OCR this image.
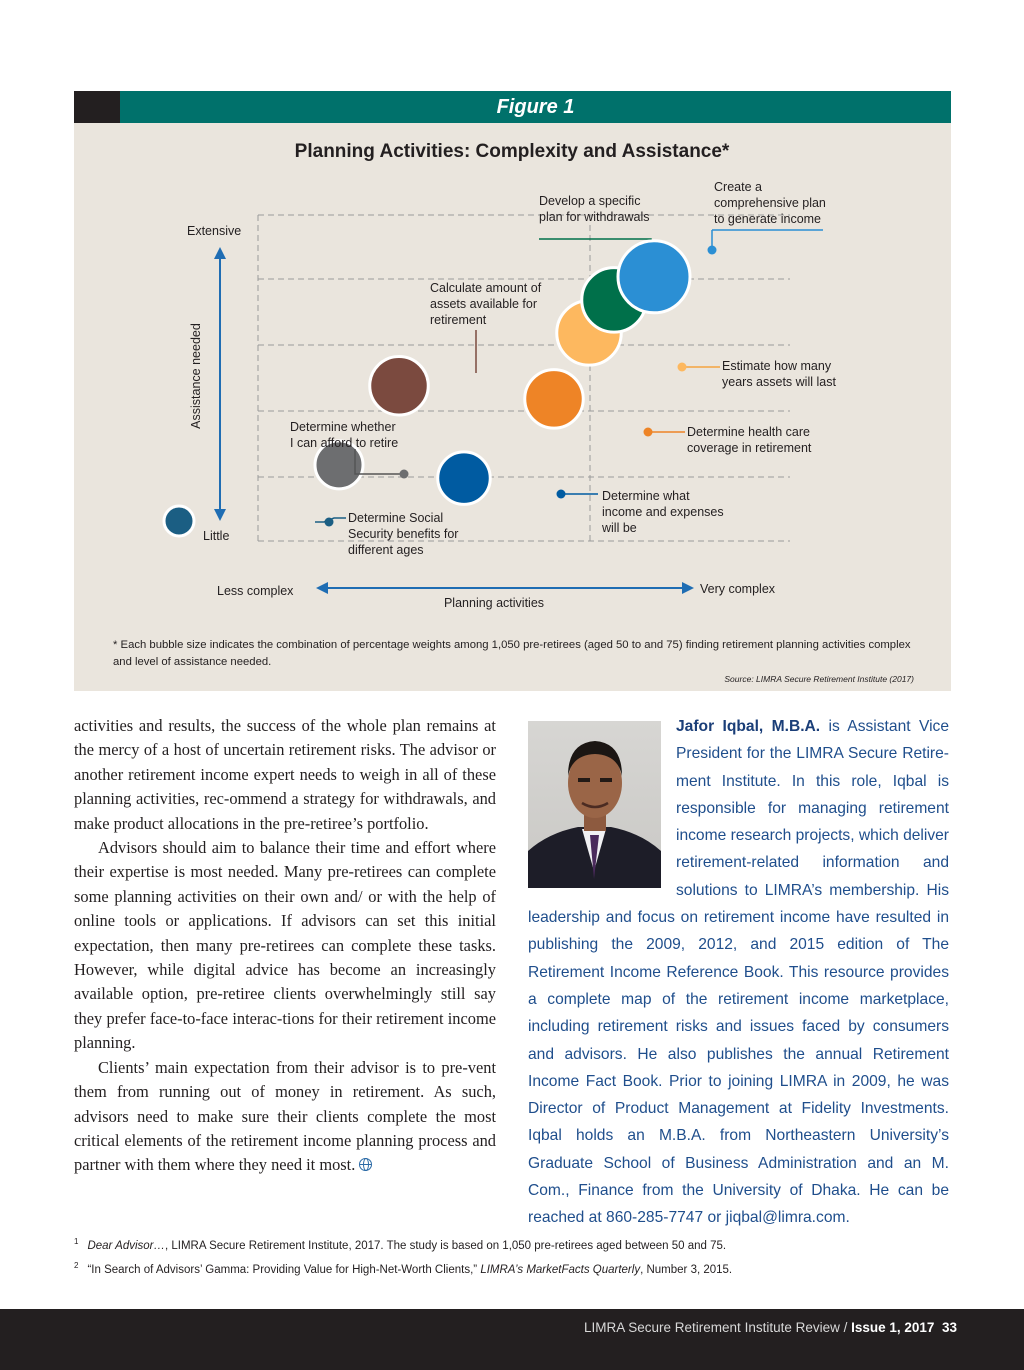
Figure 1
Planning Activities: Complexity and Assistance*
Extensive
Little
Assistance needed
Less complex	Very complex
Planning activities
Determine Social
Security benefits for
different ages
Determine whether
I can afford to retire
Calculate amount of
assets available for
retirement
Determine what
income and expenses
will be
Determine health care
coverage in retirement
Estimate how many
years assets will last
Develop a specific
plan for withdrawals
Create a
comprehensive plan
to generate income
* Each bubble size indicates the combination of percentage weights among 1,050 pre-retirees (aged 50 to and 75) finding retirement planning activities complex
and level of assistance needed.
Source: LIMRA Secure Retirement Institute (2017)

activities and results, the success of the whole plan remains at the mercy of a host of uncertain retirement risks. The advisor or another retirement income expert needs to weigh in all of these planning activities, rec-ommend a strategy for withdrawals, and make product allocations in the pre-retiree’s portfolio.

Advisors should aim to balance their time and effort where their expertise is most needed. Many pre-retirees can complete some planning activities on their own and/ or with the help of online tools or applications. If advisors can set this initial expectation, then many pre-retirees can complete these tasks. However, while digital advice has become an increasingly available option, pre-retiree clients overwhelmingly still say they prefer face-to-face interac-tions for their retirement income planning.

Clients’ main expectation from their advisor is to pre-vent them from running out of money in retirement. As such, advisors need to make sure their clients complete the most critical elements of the retirement income planning process and partner with them where they need it most.

Jafor Iqbal, M.B.A. is Assistant Vice President for the LIMRA Secure Retire-ment Institute. In this role, Iqbal is responsible for managing retirement income research projects, which deliver retirement-related information and solutions to LIMRA’s membership. His leadership and focus on retirement income have resulted in publishing the 2009, 2012, and 2015 edition of The Retirement Income Reference Book. This resource provides a complete map of the retirement income marketplace, including retirement risks and issues faced by consumers and advisors. He also publishes the annual Retirement Income Fact Book. Prior to joining LIMRA in 2009, he was Director of Product Management at Fidelity Investments. Iqbal holds an M.B.A. from Northeastern University’s Graduate School of Business Administration and an M. Com., Finance from the University of Dhaka. He can be reached at 860-285-7747 or jiqbal@limra.com.
$^1$ Dear Advisor…, LIMRA Secure Retirement Institute, 2017. The study is based on 1,050 pre-retirees aged between 50 and 75.
$^2$ “In Search of Advisors’ Gamma: Providing Value for High-Net-Worth Clients,” LIMRA’s MarketFacts Quarterly, Number 3, 2015.
LIMRA Secure Retirement Institute Review / Issue 1, 2017 33
